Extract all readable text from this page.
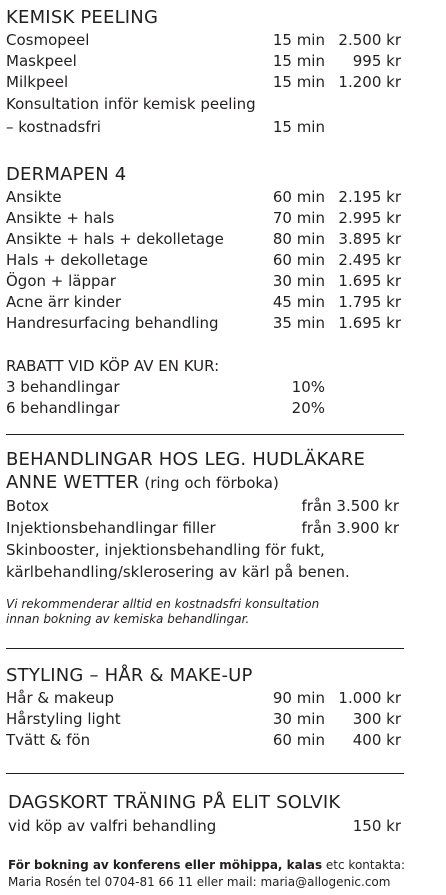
KEMISK PEELING
Cosmopeel	15 min 2.500 kr
Maskpeel	15 min	995 kr
Milkpeel	15 min 1.200 kr
Konsultation inför kemisk peeling
– kostnadsfri	15 min
DERMAPEN 4
Ansikte	60 min 2.195 kr
Ansikte + hals	70 min 2.995 kr
Ansikte + hals + dekolletage	80 min 3.895 kr
Hals + dekolletage	60 min 2.495 kr
Ögon + läppar	30 min 1.695 kr
Acne ärr kinder	45 min 1.795 kr
Handresurfacing behandling	35 min 1.695 kr
RABATT VID KÖP AV EN KUR:
3 behandlingar	10%
6 behandlingar	20%
BEHANDLINGAR HOS LEG. HUDLÄKARE
ANNE WETTER (ring och förboka)
Botox	från 3.500 kr
Injektionsbehandlingar filler	från 3.900 kr
Skinbooster, injektionsbehandling för fukt,
kärlbehandling/sklerosering av kärl på benen.
Vi rekommenderar alltid en kostnadsfri konsultation
innan bokning av kemiska behandlingar.
STYLING – HÅR & MAKE-UP
Hår & makeup	90 min 1.000 kr
Hårstyling light	30 min	300 kr
Tvätt & fön	60 min	400 kr
DAGSKORT TRÄNING PÅ ELIT SOLVIK
vid köp av valfri behandling	150 kr
För bokning av konferens eller möhippa, kalas etc kontakta:
Maria Rosén tel 0704-81 66 11 eller mail: maria@allogenic.com
